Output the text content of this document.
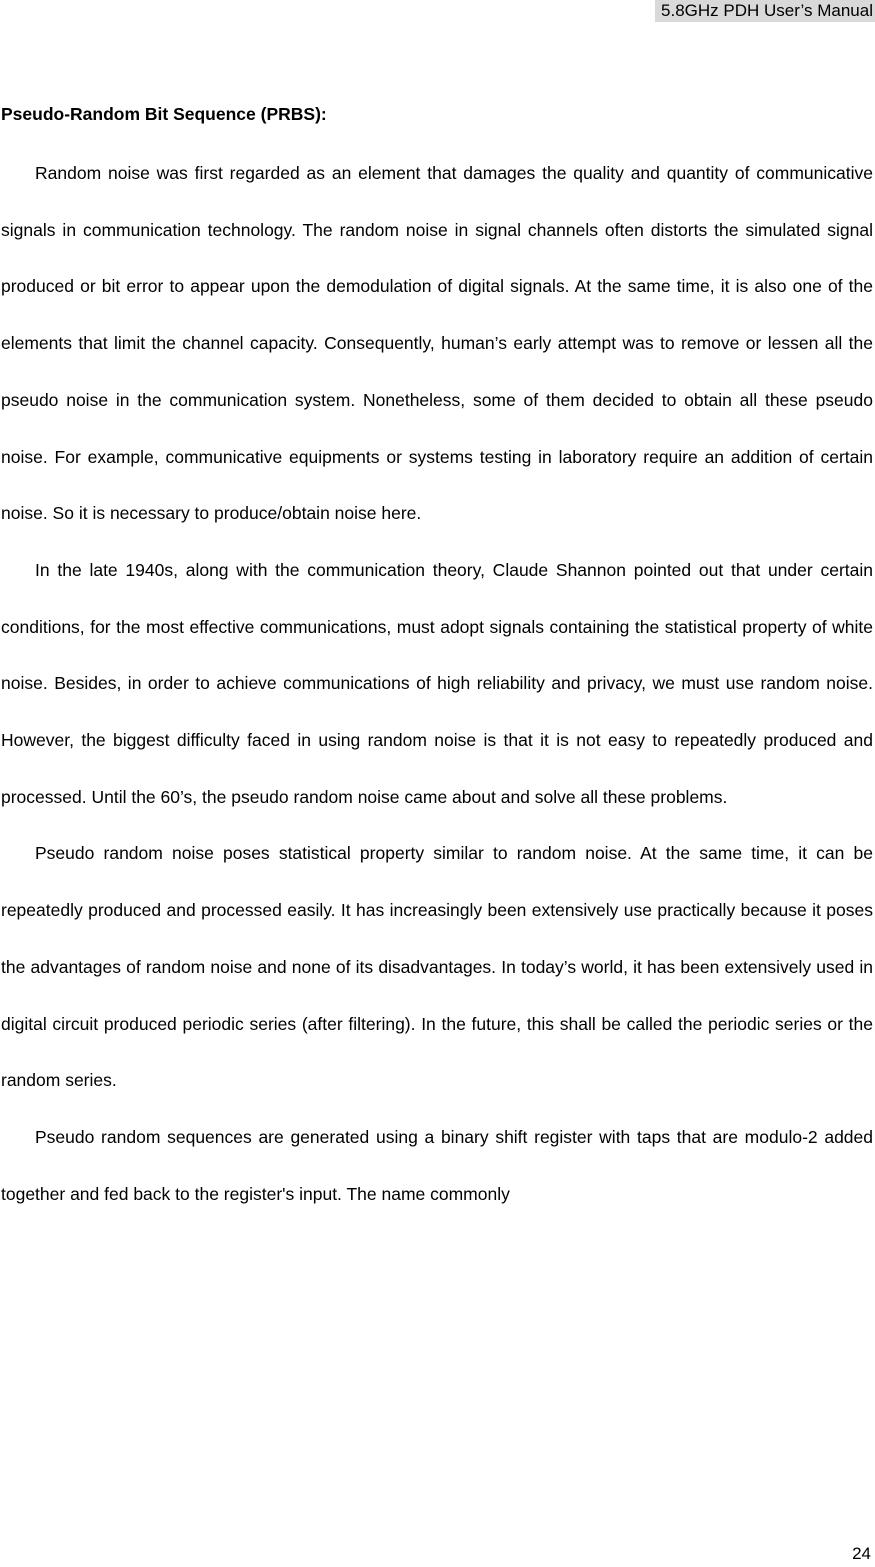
5.8GHz PDH User’s Manual
Pseudo-Random Bit Sequence (PRBS):

Random noise was first regarded as an element that damages the quality and quantity of communicative signals in communication technology. The random noise in signal channels often distorts the simulated signal produced or bit error to appear upon the demodulation of digital signals. At the same time, it is also one of the elements that limit the channel capacity. Consequently, human’s early attempt was to remove or lessen all the pseudo noise in the communication system. Nonetheless, some of them decided to obtain all these pseudo noise. For example, communicative equipments or systems testing in laboratory require an addition of certain noise. So it is necessary to produce/obtain noise here.

In the late 1940s, along with the communication theory, Claude Shannon pointed out that under certain conditions, for the most effective communications, must adopt signals containing the statistical property of white noise. Besides, in order to achieve communications of high reliability and privacy, we must use random noise. However, the biggest difficulty faced in using random noise is that it is not easy to repeatedly produced and processed. Until the 60’s, the pseudo random noise came about and solve all these problems.

Pseudo random noise poses statistical property similar to random noise. At the same time, it can be repeatedly produced and processed easily. It has increasingly been extensively use practically because it poses the advantages of random noise and none of its disadvantages. In today’s world, it has been extensively used in digital circuit produced periodic series (after filtering). In the future, this shall be called the periodic series or the random series.

Pseudo random sequences are generated using a binary shift register with taps that are modulo-2 added together and fed back to the register's input. The name commonly

24
